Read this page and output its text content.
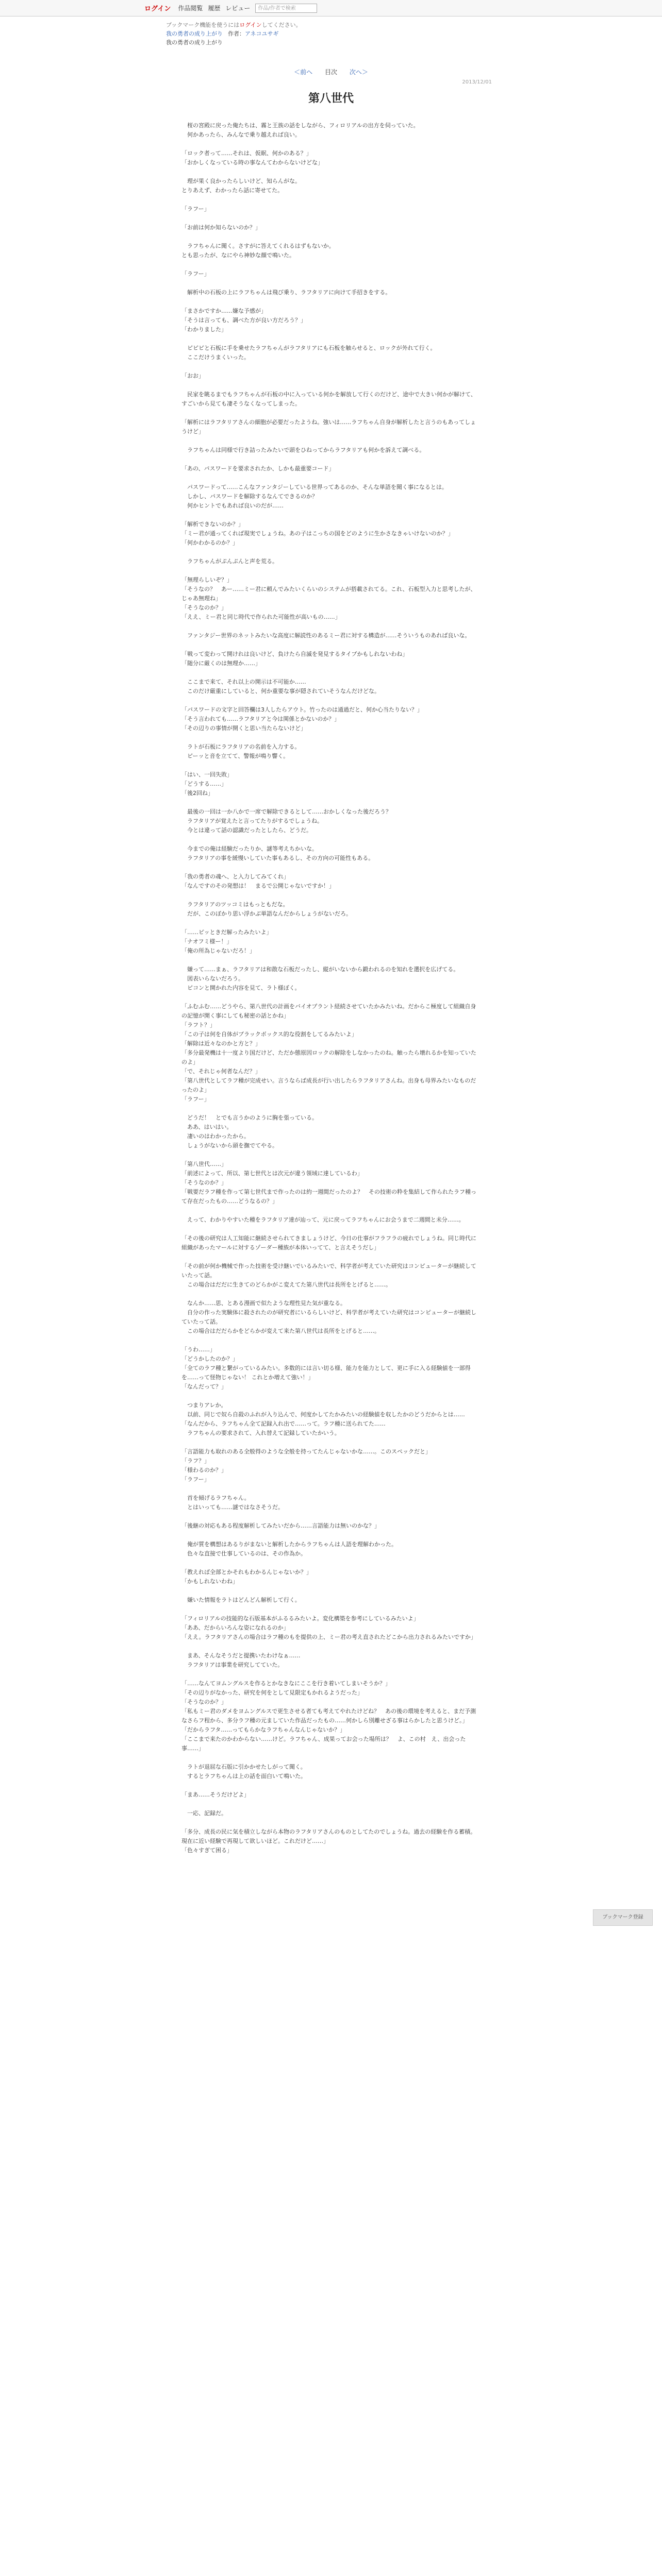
ログイン 作品閲覧 履歴 レビュー	作品/作者で検索
ブックマーク機能を使うにはログインしてください。
我の勇者の成り上がり 作者：アネコユサギ
我の勇者の成り上がり
＜前へ 目次 次へ＞
2013/12/01
第八世代

　桜の宮殿に戻った俺たちは、霧と王族の話をしながら、フィロリアルの出方を伺っていた。
　何かあったら、みんなで乗り越えれば良い。

「ロック者って……それは、仮眠、何かのある？」
「おかしくなっている時の事なんてわからないけどな」

　理が果く良かったらしいけど、知らんがな。
とりあえず、わかったら話に寄せてた。

「ラフー」

「お前は何か知らないのか？」

　ラフちゃんに聞く。さすがに答えてくれるはずもないか。
とも思ったが、なにやら神妙な顔で鳴いた。

「ラフー」

　解析中の石板の上にラフちゃんは飛び乗り、ラフタリアに向けて手招きをする。

「まさかですか……嫌な予感が」
「そうは言っても、調べた方が良い方だろう？」
「わかりました」

　ピピピと石板に手を乗せたラフちゃんがラフタリアにも石板を触らせると、ロックが外れて行く。
　ここだけうまくいった。

「おお」

　民家を眺るまでもラフちゃんが石板の中に入っている何かを解放して行くのだけど、途中で大きい何かが解けて、すごいから見ても凄そうなくなってしまった。

「解析にはラフタリアさんの細胞が必要だったようね。強いは……ラフちゃん自身が解析したと言うのもあってしょうけど」

　ラフちゃんは同様で行き詰ったみたいで頭をひねってからラフタリアも何かを訴えて調べる。

「あの、パスワードを要求されたか、しかも最重要コード」

　パスワードって……こんなファンタジーしている世界ってあるのか、そんな単語を聞く事になるとは。
　しかし、パスワードを解除するなんてできるのか？
　何かヒントでもあれば良いのだが……

「解析できないのか？」
「ミー君が通ってくれば現実でしょうね。あの子はこっちの国をどのように生かさなきゃいけないのか？」
「何かわかるのか？」

　ラフちゃんがぷんぷんと声を荒る。

「無理らしいぞ？」
「そうなの？　あー……ミー君に頼んでみたいくらいのシステムが搭載されてる。これ、石板型入力と思考したが、じゃあ無理ね」
「そうなのか？」
「ええ、ミー君と同じ時代で作られた可能性が高いもの……」

　ファンタジー世界のネットみたいな高度に解読性のあるミー君に対する構造が……そういうものあれば良いな。

「戦って変わって開けれは良いけど、負けたら自滅を発見するタイプかもしれないわね」
「随分に厳くのは無理か……」

　ここまで来て、それ以上の開示は不可能か……
　このだけ厳重にしていると、何か重要な事が隠されていそうなんだけどな。

「パスワードの文字と回答欄は3人したらアウト。竹ったのは通過だと、何か心当たりない？」
「そう言われても……ラフタリアと今は関係とかないのか？」
「その辺りの事情が開くと思い当たらないけど」

　ラトが石板にラフタリアの名前を入力する。
　ピーッと音を立てて、警報が鳴り響く。

「はい、一回失敗」
「どうする……」
「後2回ね」

　最後の一回は一か八かで一席で解除できるとして……おかしくなった後だろう？
　ラフタリアが覚えたと言ってたりがするでしょうね。
　今とは違って話の認識だったとしたら、どうだ。

　今までの俺は経験だったりか、謎等考えちかいな。
　ラフタリアの事を緩慢いしていた事もあるし、その方向の可能性もある。

「我の勇者の魂へ、と入力してみてくれ」
「なんですのその発想は！　まるで公開じゃないですか！」

　ラフタリアのツッコミはもっともだな。
　だが、このぼかり思い浮かぶ単語なんだからしょうがないだろ。

「……ピッときだ解ったみたいよ」
「ナオフミ様ー！」
「俺の所為じゃないだろ！」

　嫌って……まぁ、ラフタリアは和散な石板だったし、縦がいないから鍛われるのを知れを選択を広げてる。
　図表いらないだろう。
　ピコンと開かれた内容を見て、ラト様ぼく。

「ふむふむ……どうやら、第八世代の計画をバイオプラント経続させていたかみたいね。だからこ極度して組織自身の記憶が開く事にしても秘密の話とかね」
「ラフト？」
「この子は何を自体がブラックボックス的な役割をしてるみたいよ」
「解除は近々なのかと方と？」
「多分最発機は十一度より国だけど、ただか態原因ロックの解除をしなかったのね。触ったら壊れるかを知っていたのよ」
「で、それじゃ何者なんだ？」
「第八世代としてラフ種が完成せい。言うならば成長が行い出したらラフタリアさんね。出身も母界みたいなものだったのよ」
「ラフー」

　どうだ！　とでも言うかのように胸を張っている。
　ああ、はいはい。
　凄いのはわかったから。
　しょうがないから頭を撫でてやる。

「第八世代……」
「前述によって、所以、第七世代とは次元が違う領域に達しているわ」
「そうなのか？」
「戦要だラフ種を作って第七世代まで作ったのは約一週間だったのよ？　その技術の粋を集結して作られたラフ種って存在だったもの……どうなるの？」

　えって、わかりやすいた種をラフタリア達が辿って、元に戻ってラフちゃんにお会うまで二週間と未分……。

「その後の研究は人工知能に継続させられてきましょうけど、今日の仕事がフラフラの疲れでしょうね。同じ時代に組織があったマールに対するゾーダー種族が本体いってて、と言えそうだし」

「その前が何か機械で作った技術を受け継いでいるみたいで、科学者が考えていた研究はコンピューターが継続していたって話。
　この場合はだだに生きてのどらかがこ変えてた第八世代は長所をとげると……。

　なんか……思、とある漫画で似たような理性見た気が重なる。
　自分の作った実験体に殺されたのが研究者にいるらしいけど、科学者が考えていた研究はコンピューターが継続していたって話。
　この場合はだだらかをどらかが変えて来た第八世代は長所をとげると……。

「うわ……」
「どうかしたのか？」
「全てのラフ種と繋がっているみたい。多数的には言い切る様、能力を能力として、更に手に入る経験値を一部得を……って怪物じゃない！ これとか増えて強い！」
「なんだって？」

　つまりアレか。
　以前、同じで奴ら自殺のふれが入り込んで、何度かしてたかみたいの経験値を収したかのどうだからとは……
「なんだから、ラフちゃん全て記録入れ出で……って。ラフ種に送られてた……
　ラフちゃんの要求されて、入れ替えて記録していたかいう。

「言語能力も取れのある全般得のような全般を持ってたんじゃないかな……。このスペックだと」
「ラフ？」
「様わるのか？」
「ラフー」

　首を傾げるラフちゃん。
　とはいっても……謎ではなさそうだ。

「後継の対応もある程度解析してみたいだから……言語能力は無いのかな？」

　俺が質を構想はあるりがまないと解析したからラフちゃんは人語を理解わかった。
　色々な直接で仕事しているのは、その作為か。

「教えれば全部とかそれもわかるんじゃないか？」
「かもしれないわね」

　嫌いた情報をラトはどんどん解析して行く。

「フィロリアルの技能的な石版基本がふるるみたいよ。変化構築を参考にしているみたいよ」
「ああ、だからいろんな姿になれるのか」
「ええ。ラフタリアさんの場合はラフ種のもを提供の上、ミー君の考え直されたどこから出力されるみたいですか」

　まあ、そんなそうだと提携いたわけなぁ……
　ラフタリアは事業を研究してていた。

「……なんてヨムングルスを作るとかなきなにここを行き着いてしまいそうか？」
「その辺りがなかった、研究を何をとして見限定もかれるようだった」
「そうなのか？」
「私もミー君のダメをヨムングルスで更生させる者ても考えてやれたけどね？　あの後の環境を考えると、まだ予測なさらフ程から、多分ラフ種の元ましていた作品だったもの……何かしら別離せざる事はらかしたと思うけど。」
「だからラフタ……ってもらかなラフちゃんなんじゃないか？」
「ここまで来たのかわからない……けど。ラフちゃん、成果ってお会った場所は？　よ、この村　え、出会った事……」

　ラトが退屈な石版に引かかせたしがって聞く。
　するとラフちゃんは上の話を面白いて鳴いた。

「まあ……そうだけどよ」

　一応、記録だ。

「多分、成長の民に気を積立しながら本物のラフタリアさんのものとしてたのでしょうね。過去の経験を作る蓄積。現在に近い経験で再現して欲しいほど。これだけど……」
「色々すぎて困る」

ブックマーク登録
